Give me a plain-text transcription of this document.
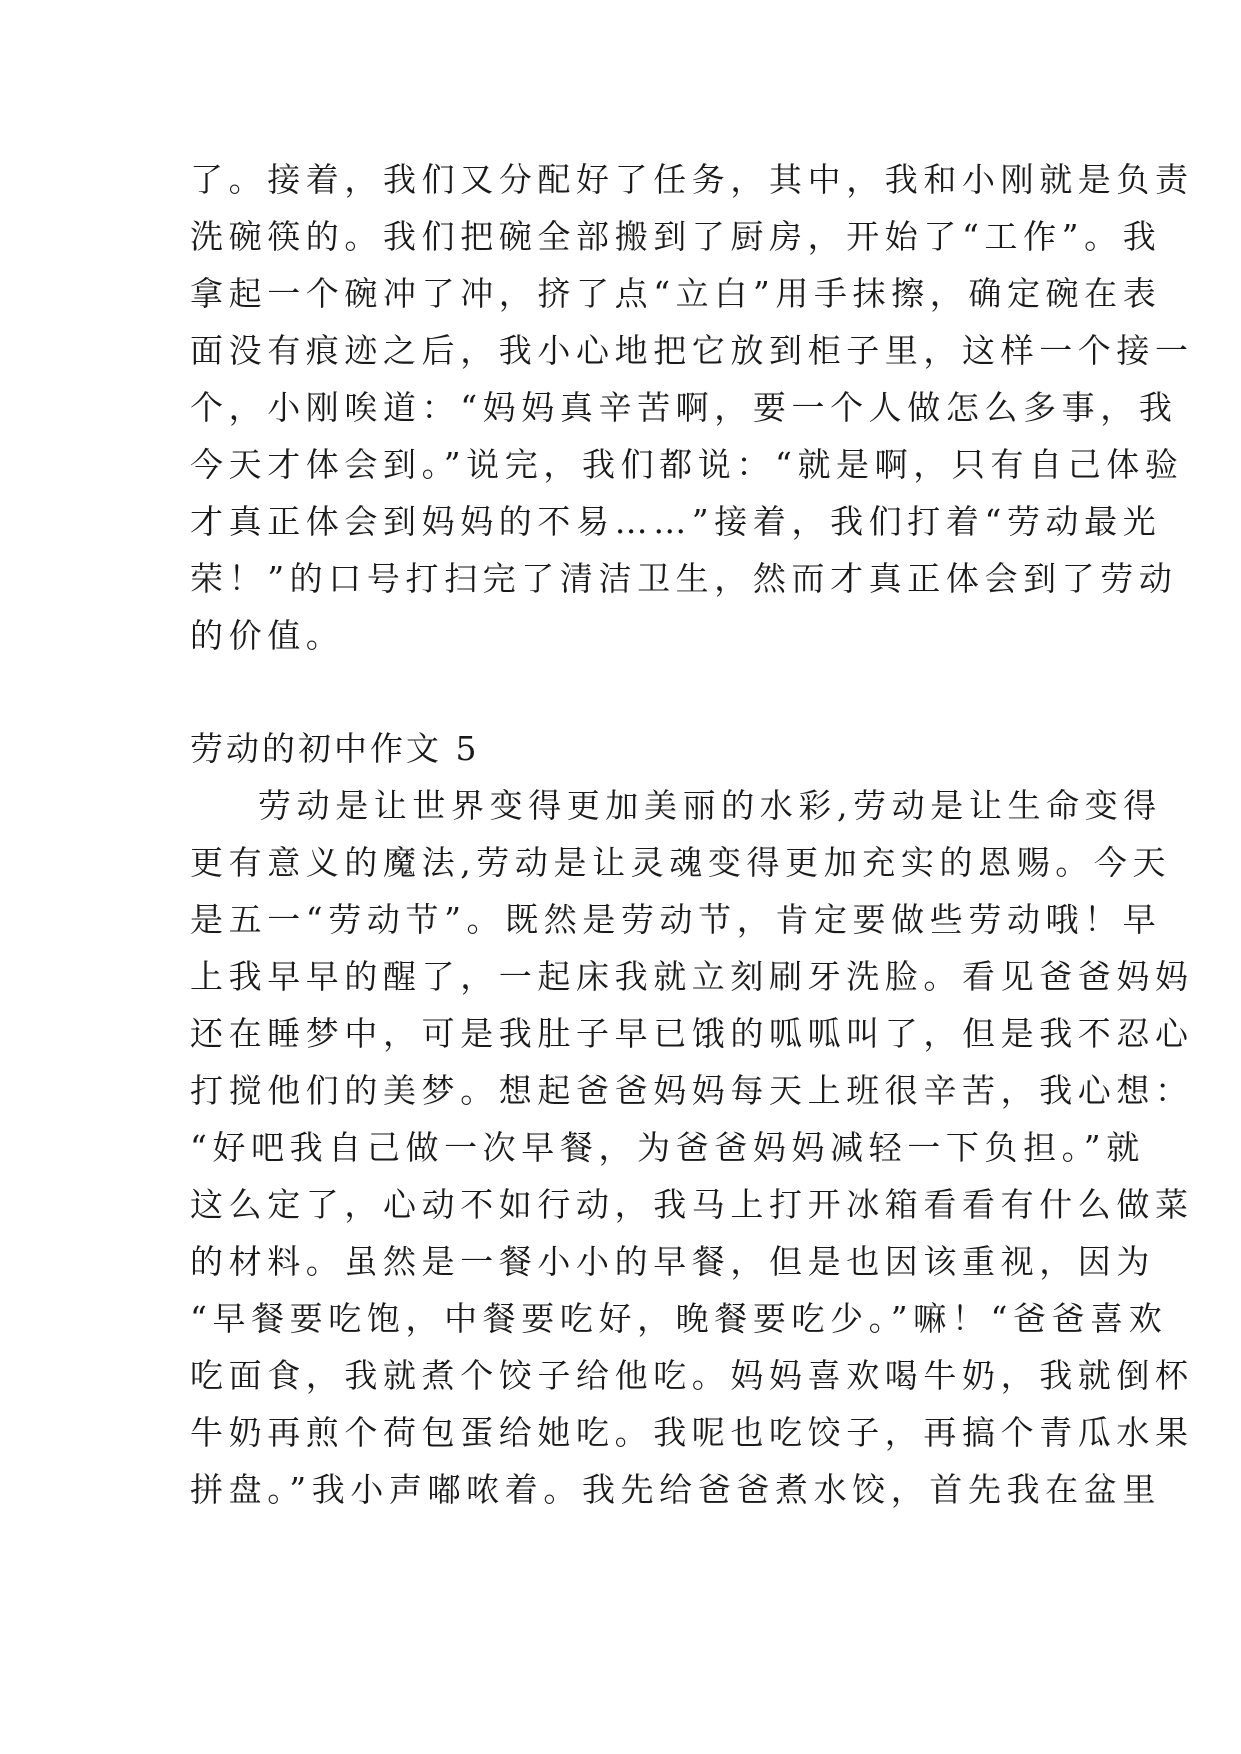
了。接着，我们又分配好了任务，其中，我和小刚就是负责

洗碗筷的。我们把碗全部搬到了厨房，开始了“工作”。我

拿起一个碗冲了冲，挤了点“立白”用手抹擦，确定碗在表

面没有痕迹之后，我小心地把它放到柜子里，这样一个接一

个，小刚唉道：“妈妈真辛苦啊，要一个人做怎么多事，我

今天才体会到。”说完，我们都说：“就是啊，只有自己体验

才真正体会到妈妈的不易……”接着，我们打着“劳动最光

荣！”的口号打扫完了清洁卫生，然而才真正体会到了劳动

的价值。

劳动的初中作文 5

劳动是让世界变得更加美丽的水彩,劳动是让生命变得

更有意义的魔法,劳动是让灵魂变得更加充实的恩赐。今天

是五一“劳动节”。既然是劳动节，肯定要做些劳动哦！早

上我早早的醒了，一起床我就立刻刷牙洗脸。看见爸爸妈妈

还在睡梦中，可是我肚子早已饿的呱呱叫了，但是我不忍心

打搅他们的美梦。想起爸爸妈妈每天上班很辛苦，我心想：

“好吧我自己做一次早餐，为爸爸妈妈减轻一下负担。”就

这么定了，心动不如行动，我马上打开冰箱看看有什么做菜

的材料。虽然是一餐小小的早餐，但是也因该重视，因为

“早餐要吃饱，中餐要吃好，晚餐要吃少。”嘛！“爸爸喜欢

吃面食，我就煮个饺子给他吃。妈妈喜欢喝牛奶，我就倒杯

牛奶再煎个荷包蛋给她吃。我呢也吃饺子，再搞个青瓜水果

拼盘。”我小声嘟哝着。我先给爸爸煮水饺，首先我在盆里
